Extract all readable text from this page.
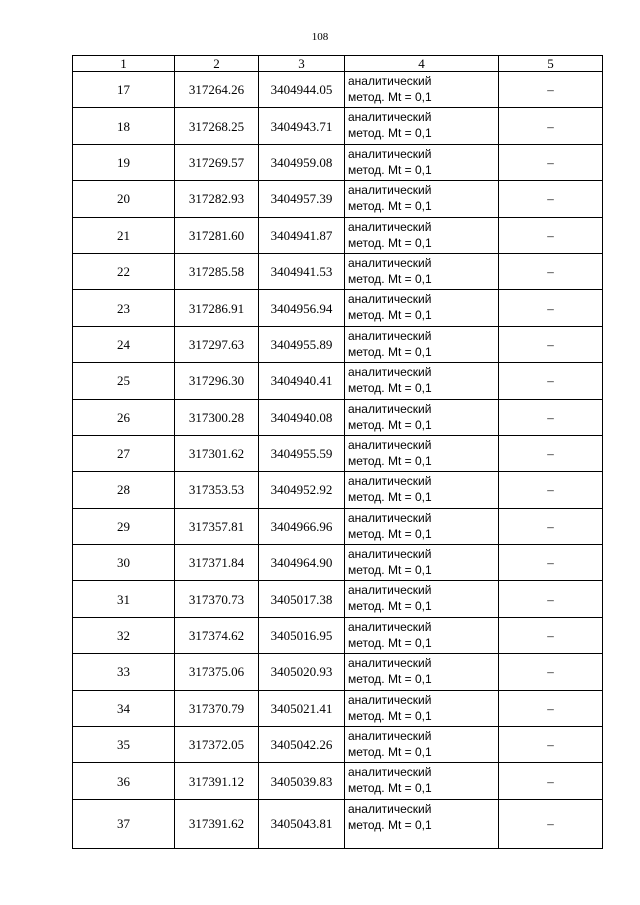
108
1	2	3	4	5
17	317264.26	3404944.05	аналитический
метод. Mt = 0,1	–
18	317268.25	3404943.71	аналитический
метод. Mt = 0,1	–
19	317269.57	3404959.08	аналитический
метод. Mt = 0,1	–
20	317282.93	3404957.39	аналитический
метод. Mt = 0,1	–
21	317281.60	3404941.87	аналитический
метод. Mt = 0,1	–
22	317285.58	3404941.53	аналитический
метод. Mt = 0,1	–
23	317286.91	3404956.94	аналитический
метод. Mt = 0,1	–
24	317297.63	3404955.89	аналитический
метод. Mt = 0,1	–
25	317296.30	3404940.41	аналитический
метод. Mt = 0,1	–
26	317300.28	3404940.08	аналитический
метод. Mt = 0,1	–
27	317301.62	3404955.59	аналитический
метод. Mt = 0,1	–
28	317353.53	3404952.92	аналитический
метод. Mt = 0,1	–
29	317357.81	3404966.96	аналитический
метод. Mt = 0,1	–
30	317371.84	3404964.90	аналитический
метод. Mt = 0,1	–
31	317370.73	3405017.38	аналитический
метод. Mt = 0,1	–
32	317374.62	3405016.95	аналитический
метод. Mt = 0,1	–
33	317375.06	3405020.93	аналитический
метод. Mt = 0,1	–
34	317370.79	3405021.41	аналитический
метод. Mt = 0,1	–
35	317372.05	3405042.26	аналитический
метод. Mt = 0,1	–
36	317391.12	3405039.83	аналитический
метод. Mt = 0,1	–
37	317391.62	3405043.81	аналитический
метод. Mt = 0,1	–
